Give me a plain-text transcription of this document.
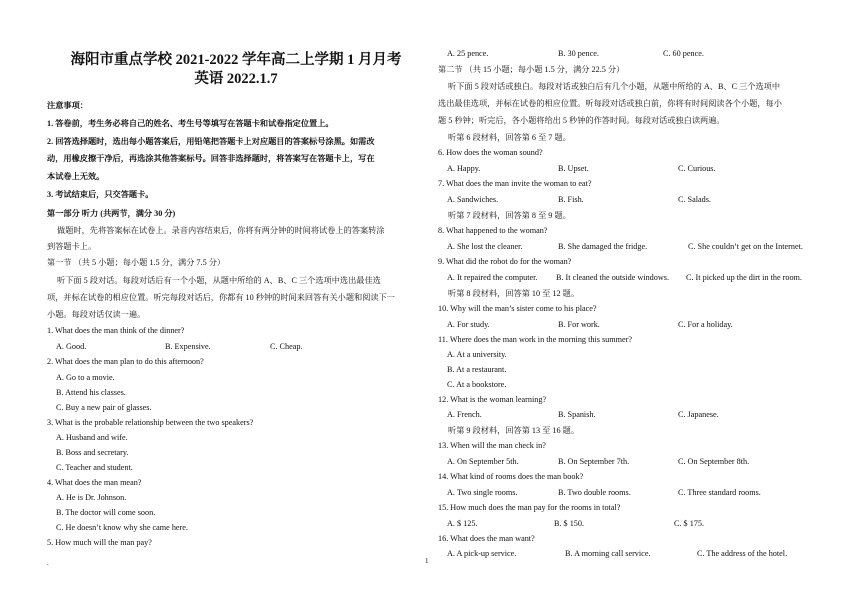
海阳市重点学校 2021-2022 学年高二上学期 1 月月考
英语 2022.1.7
注意事项：
1. 答卷前，考生务必将自己的姓名、考生号等填写在答题卡和试卷指定位置上。
2. 回答选择题时，选出每小题答案后，用铅笔把答题卡上对应题目的答案标号涂黑。如需改
动，用橡皮擦干净后，再选涂其他答案标号。回答非选择题时，将答案写在答题卡上，写在
本试卷上无效。
3. 考试结束后，只交答题卡。
第一部分 听力 (共两节，满分 30 分)
做题时，先将答案标在试卷上。录音内容结束后，你将有两分钟的时间将试卷上的答案转涂
到答题卡上。
第一节 （共 5 小题；每小题 1.5 分，满分 7.5 分）
听下面 5 段对话。每段对话后有一个小题，从题中所给的 A、B、C 三个选项中选出最佳选
项，并标在试卷的相应位置。听完每段对话后，你都有 10 秒钟的时间来回答有关小题和阅读下一
小题。每段对话仅读一遍。
1. What does the man think of the dinner?
A. Good.	B. Expensive.	C. Cheap.
2. What does the man plan to do this afternoon?
A. Go to a movie.
B. Attend his classes.
C. Buy a new pair of glasses.
3. What is the probable relationship between the two speakers?
A. Husband and wife.
B. Boss and secretary.
C. Teacher and student.
4. What does the man mean?
A. He is Dr. Johnson.
B. The doctor will come soon.
C. He doesn’t know why she came here.
5. How much will the man pay?
.	1
A. 25 pence.	B. 30 pence.	C. 60 pence.
第二节 （共 15 小题；每小题 1.5 分，满分 22.5 分）
听下面 5 段对话或独白。每段对话或独白后有几个小题，从题中所给的 A、B、C 三个选项中
选出最佳选项，并标在试卷的相应位置。听每段对话或独白前，你将有时间阅读各个小题，每小
题 5 秒钟；听完后，各小题将给出 5 秒钟的作答时间。每段对话或独白读两遍。
听第 6 段材料，回答第 6 至 7 题。
6. How does the woman sound?
A. Happy.	B. Upset.	C. Curious.
7. What does the man invite the woman to eat?
A. Sandwiches.	B. Fish.	C. Salads.
听第 7 段材料，回答第 8 至 9 题。
8. What happened to the woman?
A. She lost the cleaner.	B. She damaged the fridge.	C. She couldn’t get on the Internet.
9. What did the robot do for the woman?
A. It repaired the computer. B. It cleaned the outside windows. C. It picked up the dirt in the room.
听第 8 段材料，回答第 10 至 12 题。
10. Why will the man’s sister come to his place?
A. For study.	B. For work.	C. For a holiday.
11. Where does the man work in the morning this summer?
A. At a university.
B. At a restaurant.
C. At a bookstore.
12. What is the woman learning?
A. French.	B. Spanish.	C. Japanese.
听第 9 段材料，回答第 13 至 16 题。
13. When will the man check in?
A. On September 5th.	B. On September 7th.	C. On September 8th.
14. What kind of rooms does the man book?
A. Two single rooms.	B. Two double rooms.	C. Three standard rooms.
15. How much does the man pay for the rooms in total?
A. $ 125.	B. $ 150.	C. $ 175.
16. What does the man want?
A. A pick-up service.	B. A morning call service.	C. The address of the hotel.
